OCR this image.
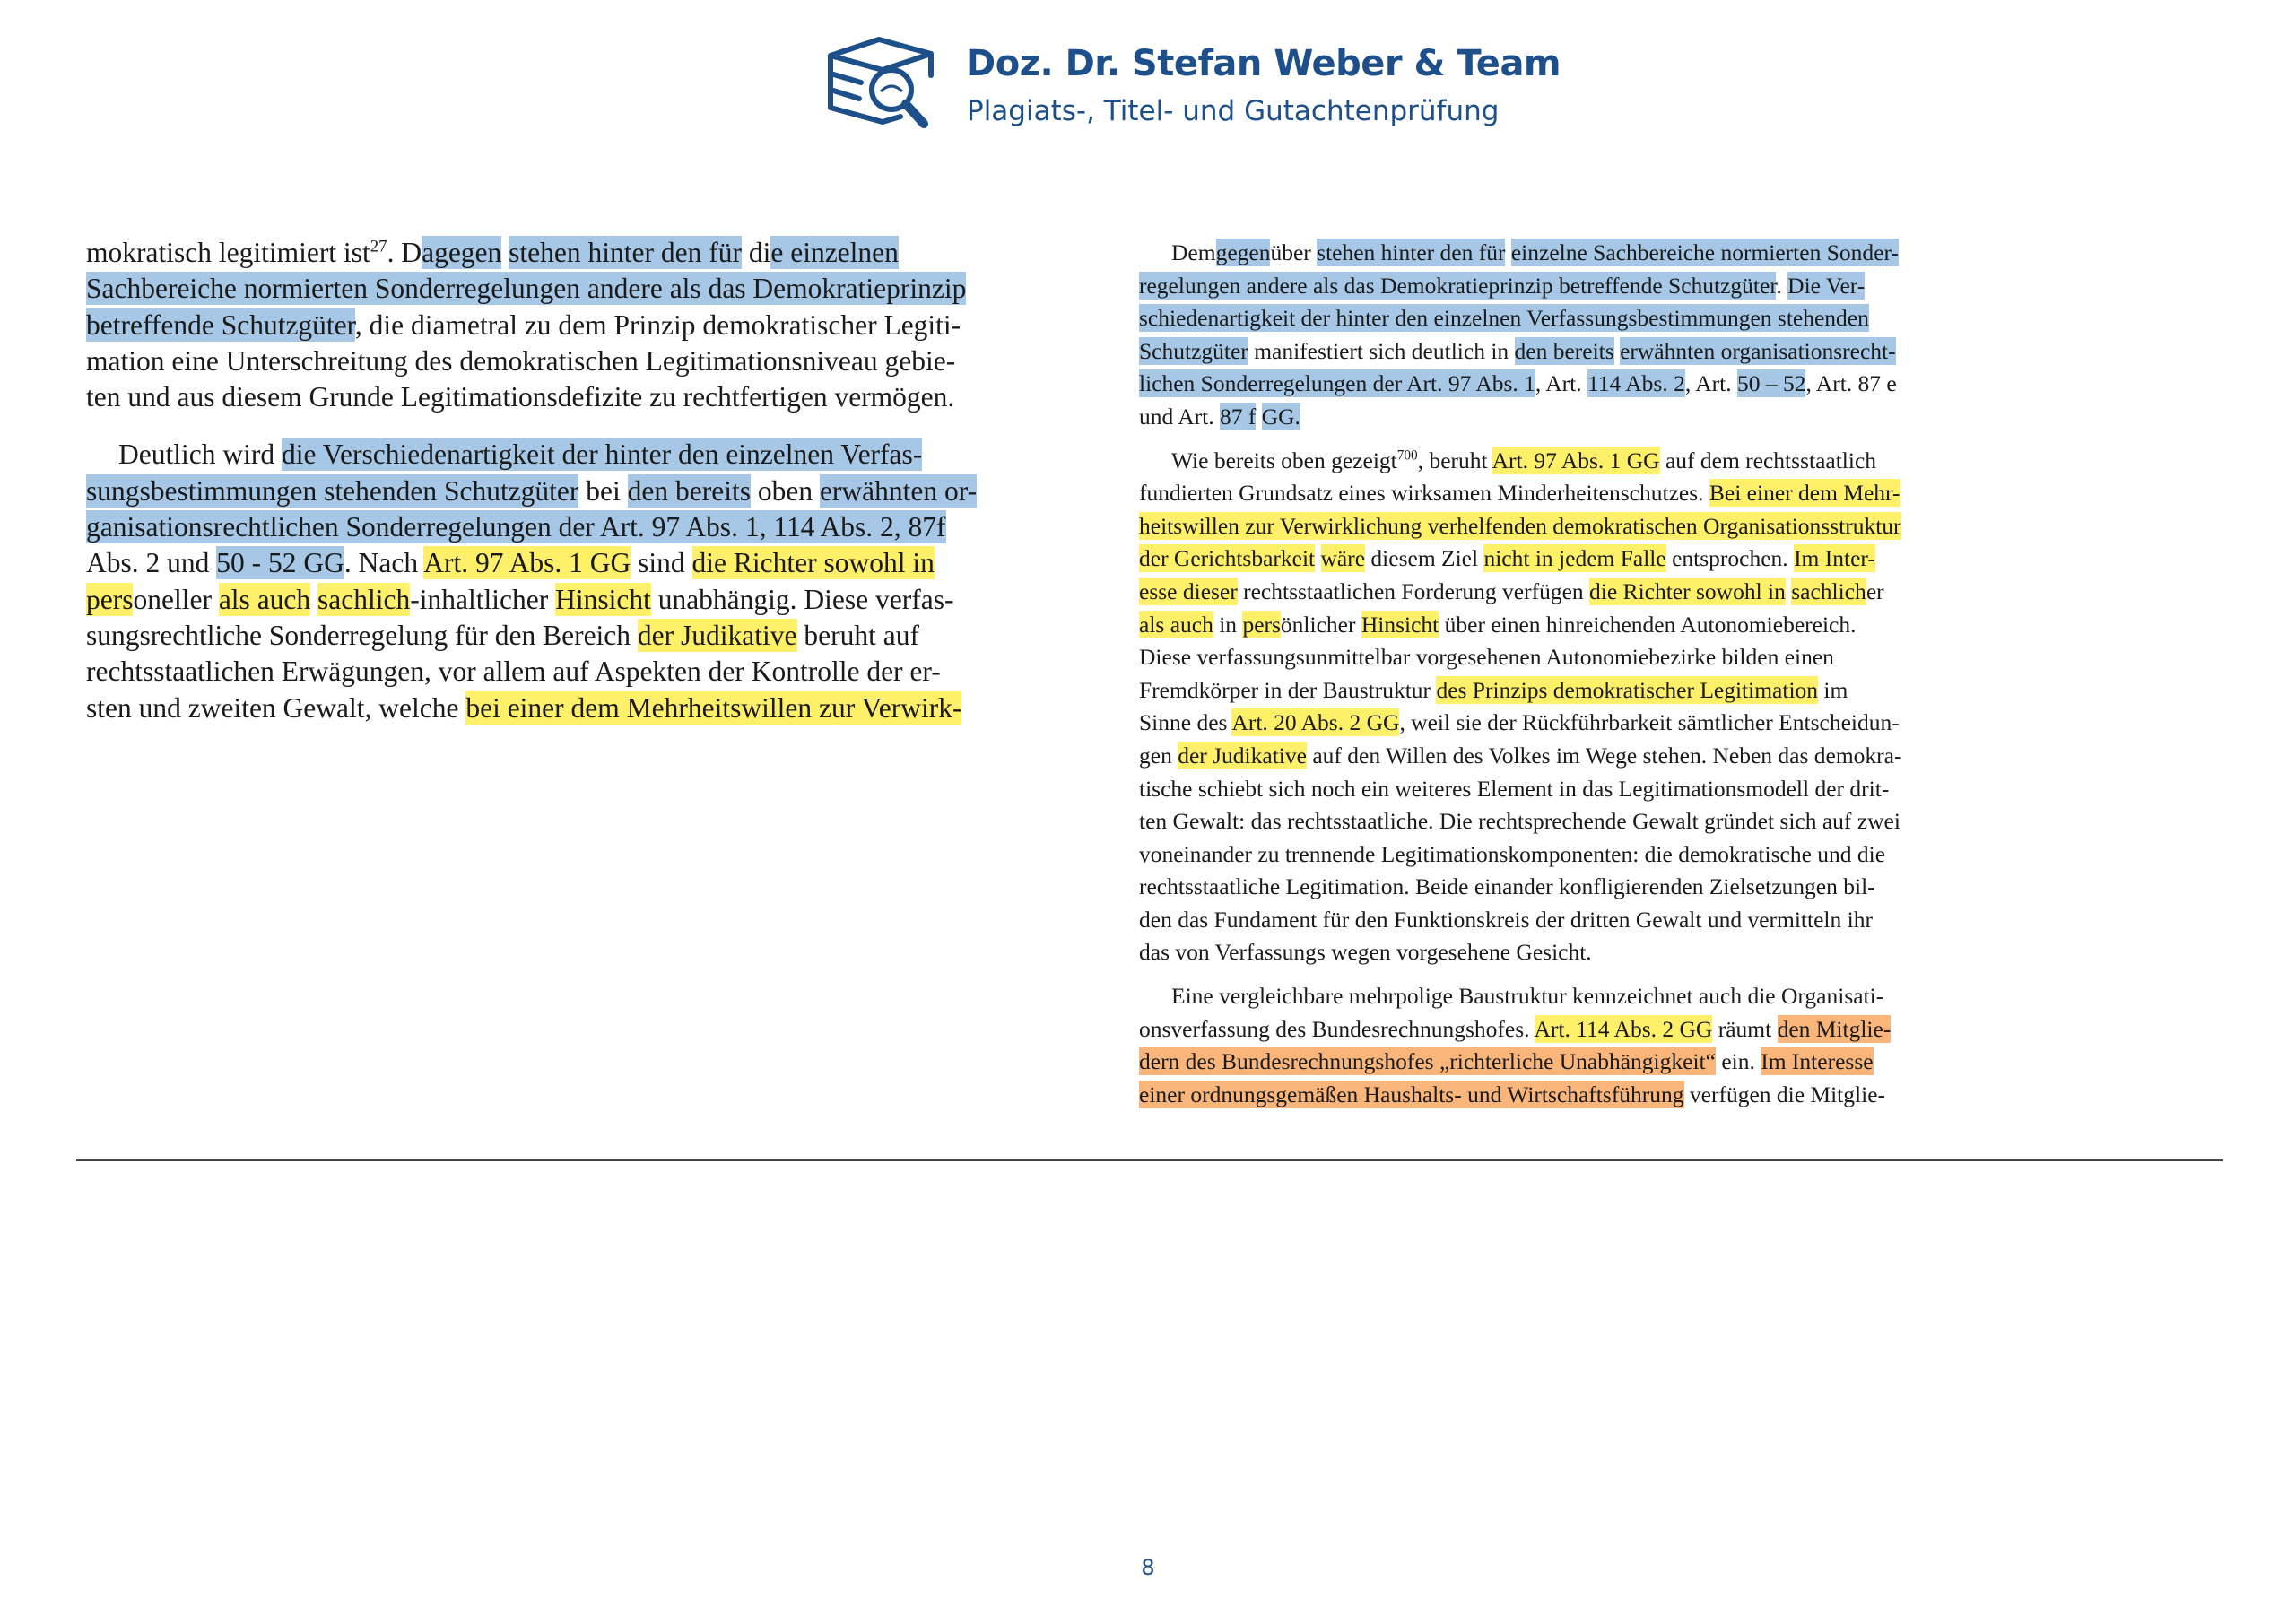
Doz. Dr. Stefan Weber & Team
Plagiats-, Titel- und Gutachtenprüfung

mokratisch legitimiert ist$^{27}$. Dagegen stehen hinter den für die einzelnen
Sachbereiche normierten Sonderregelungen andere als das Demokratieprinzip
betreffende Schutzgüter, die diametral zu dem Prinzip demokratischer Legiti-
mation eine Unterschreitung des demokratischen Legitimationsniveau gebie-
ten und aus diesem Grunde Legitimationsdefizite zu rechtfertigen vermögen.

Deutlich wird die Verschiedenartigkeit der hinter den einzelnen Verfas-
sungsbestimmungen stehenden Schutzgüter bei den bereits oben erwähnten or-
ganisationsrechtlichen Sonderregelungen der Art. 97 Abs. 1, 114 Abs. 2, 87f
Abs. 2 und 50 - 52 GG. Nach Art. 97 Abs. 1 GG sind die Richter sowohl in
personeller als auch sachlich-inhaltlicher Hinsicht unabhängig. Diese verfas-
sungsrechtliche Sonderregelung für den Bereich der Judikative beruht auf
rechtsstaatlichen Erwägungen, vor allem auf Aspekten der Kontrolle der er-
sten und zweiten Gewalt, welche bei einer dem Mehrheitswillen zur Verwirk-

Demgegenüber stehen hinter den für einzelne Sachbereiche normierten Sonder-
regelungen andere als das Demokratieprinzip betreffende Schutzgüter. Die Ver-
schiedenartigkeit der hinter den einzelnen Verfassungsbestimmungen stehenden
Schutzgüter manifestiert sich deutlich in den bereits erwähnten organisationsrecht-
lichen Sonderregelungen der Art. 97 Abs. 1, Art. 114 Abs. 2, Art. 50 – 52, Art. 87 e
und Art. 87 f GG.

Wie bereits oben gezeigt$^{700}$, beruht Art. 97 Abs. 1 GG auf dem rechtsstaatlich
fundierten Grundsatz eines wirksamen Minderheitenschutzes. Bei einer dem Mehr-
heitswillen zur Verwirklichung verhelfenden demokratischen Organisationsstruktur
der Gerichtsbarkeit wäre diesem Ziel nicht in jedem Falle entsprochen. Im Inter-
esse dieser rechtsstaatlichen Forderung verfügen die Richter sowohl in sachlicher
als auch in persönlicher Hinsicht über einen hinreichenden Autonomiebereich.
Diese verfassungsunmittelbar vorgesehenen Autonomiebezirke bilden einen
Fremdkörper in der Baustruktur des Prinzips demokratischer Legitimation im
Sinne des Art. 20 Abs. 2 GG, weil sie der Rückführbarkeit sämtlicher Entscheidun-
gen der Judikative auf den Willen des Volkes im Wege stehen. Neben das demokra-
tische schiebt sich noch ein weiteres Element in das Legitimationsmodell der drit-
ten Gewalt: das rechtsstaatliche. Die rechtsprechende Gewalt gründet sich auf zwei
voneinander zu trennende Legitimationskomponenten: die demokratische und die
rechtsstaatliche Legitimation. Beide einander konfligierenden Zielsetzungen bil-
den das Fundament für den Funktionskreis der dritten Gewalt und vermitteln ihr
das von Verfassungs wegen vorgesehene Gesicht.

Eine vergleichbare mehrpolige Baustruktur kennzeichnet auch die Organisati-
onsverfassung des Bundesrechnungshofes. Art. 114 Abs. 2 GG räumt den Mitglie-
dern des Bundesrechnungshofes „richterliche Unabhängigkeit“ ein. Im Interesse
einer ordnungsgemäßen Haushalts- und Wirtschaftsführung verfügen die Mitglie-

8
